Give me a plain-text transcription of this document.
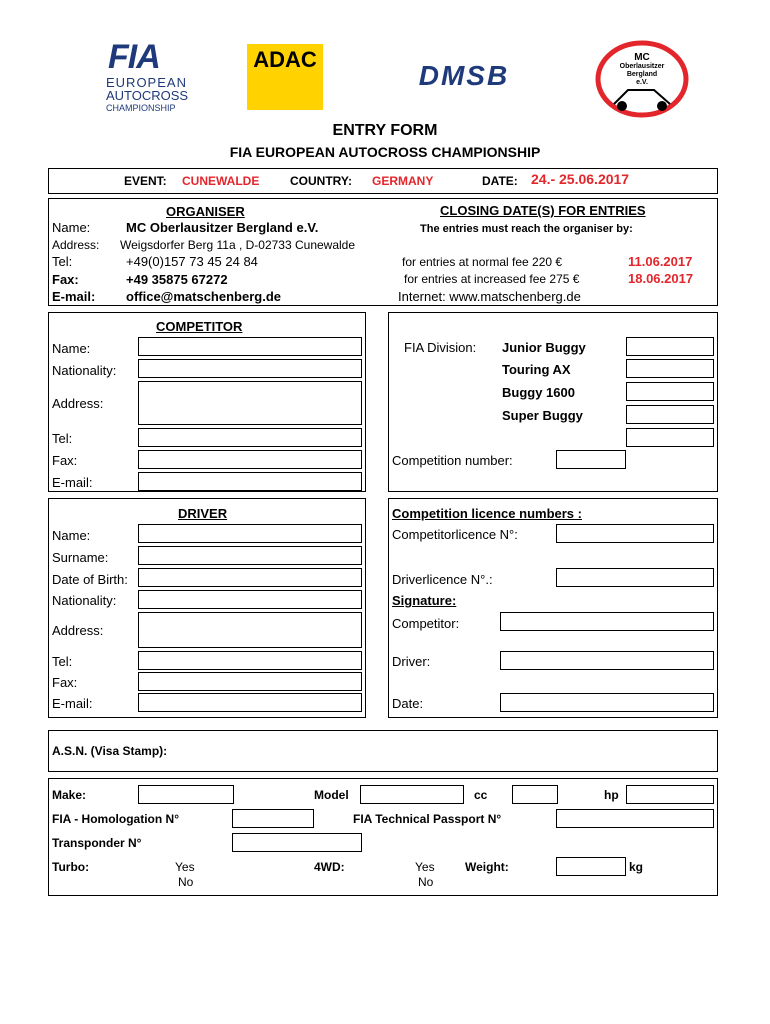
FIA
EUROPEAN
AUTOCROSS
CHAMPIONSHIP
ADAC
DMSB
MC
Oberlausitzer
Bergland
e.V.
ENTRY FORM
FIA EUROPEAN AUTOCROSS CHAMPIONSHIP
EVENT: CUNEWALDE	COUNTRY: GERMANY	DATE: 24.- 25.06.2017
ORGANISER
Name:	MC Oberlausitzer Bergland e.V.
Address: Weigsdorfer Berg 11a , D-02733 Cunewalde
Tel:	+49(0)157 73 45 24 84
Fax:	+49 35875 67272
E-mail: office@matschenberg.de
CLOSING DATE(S) FOR ENTRIES
The entries must reach the organiser by:
for entries at normal fee 220 €	11.06.2017
for entries at increased fee 275 €	18.06.2017
Internet: www.matschenberg.de
COMPETITOR
Name:
Nationality:
Address:
Tel:
Fax:
E-mail:
FIA Division: Junior Buggy
Touring AX
Buggy 1600
Super Buggy
Competition number:
DRIVER
Name:
Surname:
Date of Birth:
Nationality:
Address:
Tel:
Fax:
E-mail:
Competition licence numbers :
Competitorlicence N°:
Driverlicence N°.:
Signature:
Competitor:
Driver:
Date:
A.S.N. (Visa Stamp):
Make:	Model	cc	hp
FIA - Homologation N°	FIA Technical Passport N°
Transponder N°
Turbo:	Yes
No
4WD:	Yes
No
Weight:	kg
